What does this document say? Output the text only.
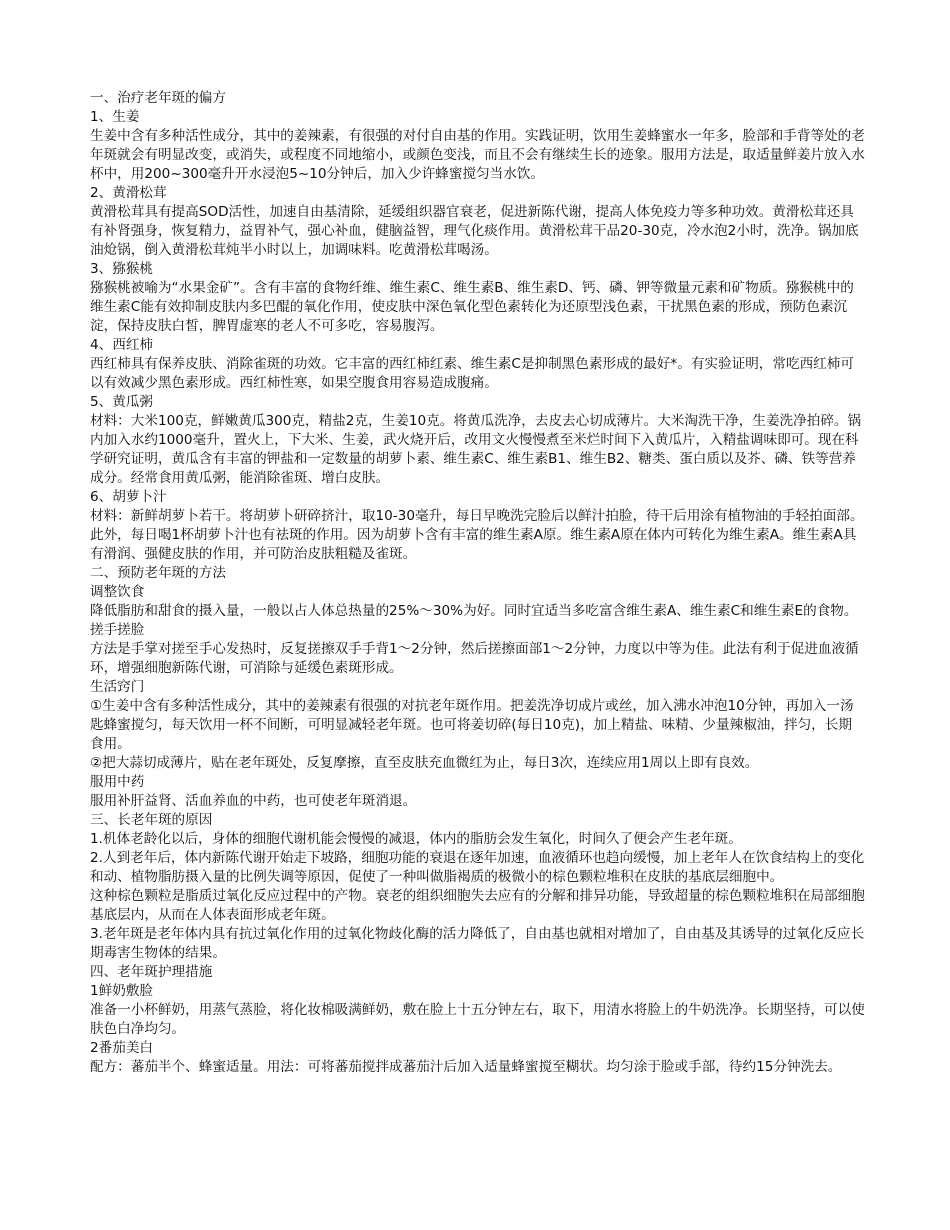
一、治疗老年斑的偏方

1、生姜

生姜中含有多种活性成分，其中的姜辣素，有很强的对付自由基的作用。实践证明，饮用生姜蜂蜜水一年多，脸部和手背等处的老年斑就会有明显改变，或消失，或程度不同地缩小，或颜色变浅，而且不会有继续生长的迹象。服用方法是，取适量鲜姜片放入水杯中，用200~300毫升开水浸泡5~10分钟后，加入少许蜂蜜搅匀当水饮。

2、黄滑松茸

黄滑松茸具有提高SOD活性，加速自由基清除，延缓组织器官衰老，促进新陈代谢，提高人体免疫力等多种功效。黄滑松茸还具有补肾强身，恢复精力，益胃补气，强心补血，健脑益智，理气化痰作用。黄滑松茸干品20-30克，冷水泡2小时，洗净。锅加底油炝锅，倒入黄滑松茸炖半小时以上，加调味料。吃黄滑松茸喝汤。

3、猕猴桃

猕猴桃被喻为“水果金矿”。含有丰富的食物纤维、维生素C、维生素B、维生素D、钙、磷、钾等微量元素和矿物质。猕猴桃中的维生素C能有效抑制皮肤内多巴醌的氧化作用，使皮肤中深色氧化型色素转化为还原型浅色素，干扰黑色素的形成，预防色素沉淀，保持皮肤白皙，脾胃虚寒的老人不可多吃，容易腹泻。

4、西红柿

西红柿具有保养皮肤、消除雀斑的功效。它丰富的西红柿红素、维生素C是抑制黑色素形成的最好*。有实验证明，常吃西红柿可以有效减少黑色素形成。西红柿性寒，如果空腹食用容易造成腹痛。

5、黄瓜粥

材料：大米100克，鲜嫩黄瓜300克，精盐2克，生姜10克。将黄瓜洗净，去皮去心切成薄片。大米淘洗干净，生姜洗净拍碎。锅内加入水约1000毫升，置火上，下大米、生姜，武火烧开后，改用文火慢慢煮至米烂时间下入黄瓜片，入精盐调味即可。现在科学研究证明，黄瓜含有丰富的钾盐和一定数量的胡萝卜素、维生素C、维生素B1、维生B2、糖类、蛋白质以及芥、磷、铁等营养成分。经常食用黄瓜粥，能消除雀斑、增白皮肤。

6、胡萝卜汁

材料：新鲜胡萝卜若干。将胡萝卜研碎挤汁，取10-30毫升，每日早晚洗完脸后以鲜汁拍脸，待干后用涂有植物油的手轻拍面部。此外，每日喝1杯胡萝卜汁也有祛斑的作用。因为胡萝卜含有丰富的维生素A原。维生素A原在体内可转化为维生素A。维生素A具有滑润、强健皮肤的作用，并可防治皮肤粗糙及雀斑。

二、预防老年斑的方法

调整饮食

降低脂肪和甜食的摄入量，一般以占人体总热量的25%～30%为好。同时宜适当多吃富含维生素A、维生素C和维生素E的食物。

搓手搓脸

方法是手掌对搓至手心发热时，反复搓擦双手手背1～2分钟，然后搓擦面部1～2分钟，力度以中等为佳。此法有利于促进血液循环，增强细胞新陈代谢，可消除与延缓色素斑形成。

生活窍门

①生姜中含有多种活性成分，其中的姜辣素有很强的对抗老年斑作用。把姜洗净切成片或丝，加入沸水冲泡10分钟，再加入一汤匙蜂蜜搅匀，每天饮用一杯不间断，可明显减轻老年斑。也可将姜切碎(每日10克)，加上精盐、味精、少量辣椒油，拌匀，长期食用。

②把大蒜切成薄片，贴在老年斑处，反复摩擦，直至皮肤充血微红为止，每日3次，连续应用1周以上即有良效。

服用中药

服用补肝益肾、活血养血的中药，也可使老年斑消退。

三、长老年斑的原因

1.机体老龄化以后，身体的细胞代谢机能会慢慢的减退，体内的脂肪会发生氧化，时间久了便会产生老年斑。

2.人到老年后，体内新陈代谢开始走下坡路，细胞功能的衰退在逐年加速，血液循环也趋向缓慢，加上老年人在饮食结构上的变化和动、植物脂肪摄入量的比例失调等原因，促使了一种叫做脂褐质的极微小的棕色颗粒堆积在皮肤的基底层细胞中。

这种棕色颗粒是脂质过氧化反应过程中的产物。衰老的组织细胞失去应有的分解和排异功能，导致超量的棕色颗粒堆积在局部细胞基底层内，从而在人体表面形成老年斑。

3.老年斑是老年体内具有抗过氧化作用的过氧化物歧化酶的活力降低了，自由基也就相对增加了，自由基及其诱导的过氧化反应长期毒害生物体的结果。

四、老年斑护理措施

1鲜奶敷脸

准备一小杯鲜奶，用蒸气蒸脸，将化妆棉吸满鲜奶，敷在脸上十五分钟左右，取下，用清水将脸上的牛奶洗净。长期坚持，可以使肤色白净均匀。

2番茄美白

配方：蕃茄半个、蜂蜜适量。用法：可将蕃茄搅拌成蕃茄汁后加入适量蜂蜜搅至糊状。均匀涂于脸或手部，待约15分钟洗去。
